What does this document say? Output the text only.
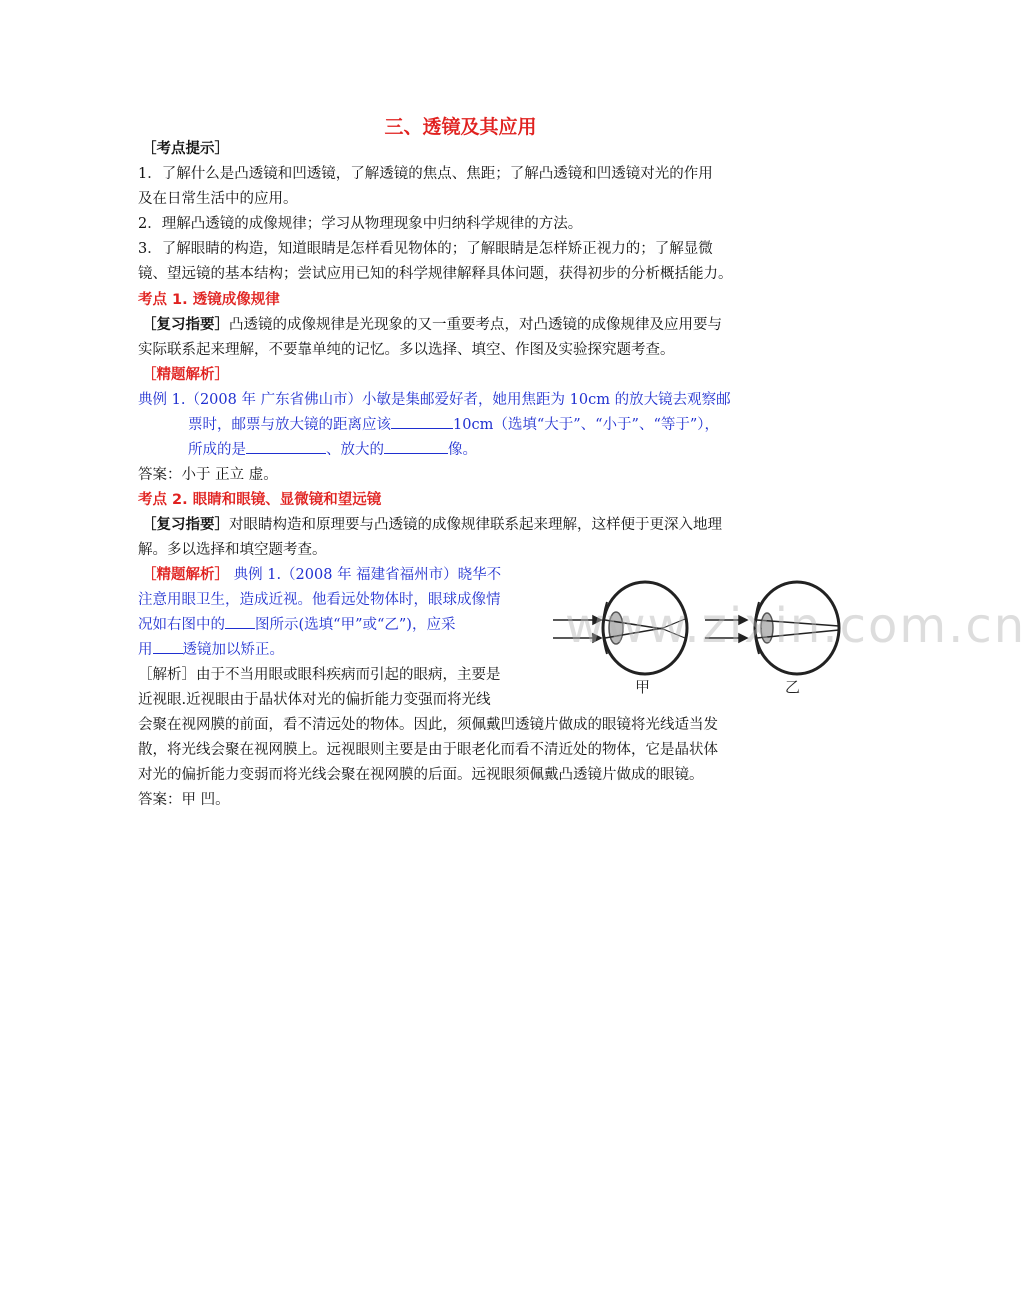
三、透镜及其应用
［考点提示］
1．了解什么是凸透镜和凹透镜，了解透镜的焦点、焦距；了解凸透镜和凹透镜对光的作用
及在日常生活中的应用。
2．理解凸透镜的成像规律；学习从物理现象中归纳科学规律的方法。
3．了解眼睛的构造，知道眼睛是怎样看见物体的；了解眼睛是怎样矫正视力的；了解显微
镜、望远镜的基本结构；尝试应用已知的科学规律解释具体问题，获得初步的分析概括能力。
考点 1. 透镜成像规律
［复习指要］凸透镜的成像规律是光现象的又一重要考点，对凸透镜的成像规律及应用要与
实际联系起来理解，不要靠单纯的记忆。多以选择、填空、作图及实验探究题考查。
［精题解析］
典例 1.（2008 年 广东省佛山市）小敏是集邮爱好者，她用焦距为 10cm 的放大镜去观察邮
票时，邮票与放大镜的距离应该	10cm（选填“大于”、“小于”、“等于”），
所成的是	、放大的	像。
答案：小于 正立 虚。
考点 2. 眼睛和眼镜、显微镜和望远镜
［复习指要］对眼睛构造和原理要与凸透镜的成像规律联系起来理解，这样便于更深入地理
解。多以选择和填空题考查。
［精题解析］ 典例 1.（2008 年 福建省福州市）晓华不
注意用眼卫生，造成近视。他看远处物体时，眼球成像情
况如右图中的 图所示(选填“甲”或“乙”)，应采
用 透镜加以矫正。
［解析］由于不当用眼或眼科疾病而引起的眼病，主要是
近视眼.近视眼由于晶状体对光的偏折能力变强而将光线
会聚在视网膜的前面，看不清远处的物体。因此，须佩戴凹透镜片做成的眼镜将光线适当发
散，将光线会聚在视网膜上。远视眼则主要是由于眼老化而看不清近处的物体，它是晶状体
对光的偏折能力变弱而将光线会聚在视网膜的后面。远视眼须佩戴凸透镜片做成的眼镜。
答案：甲 凹。
甲	乙
www.zixin.com.cn
